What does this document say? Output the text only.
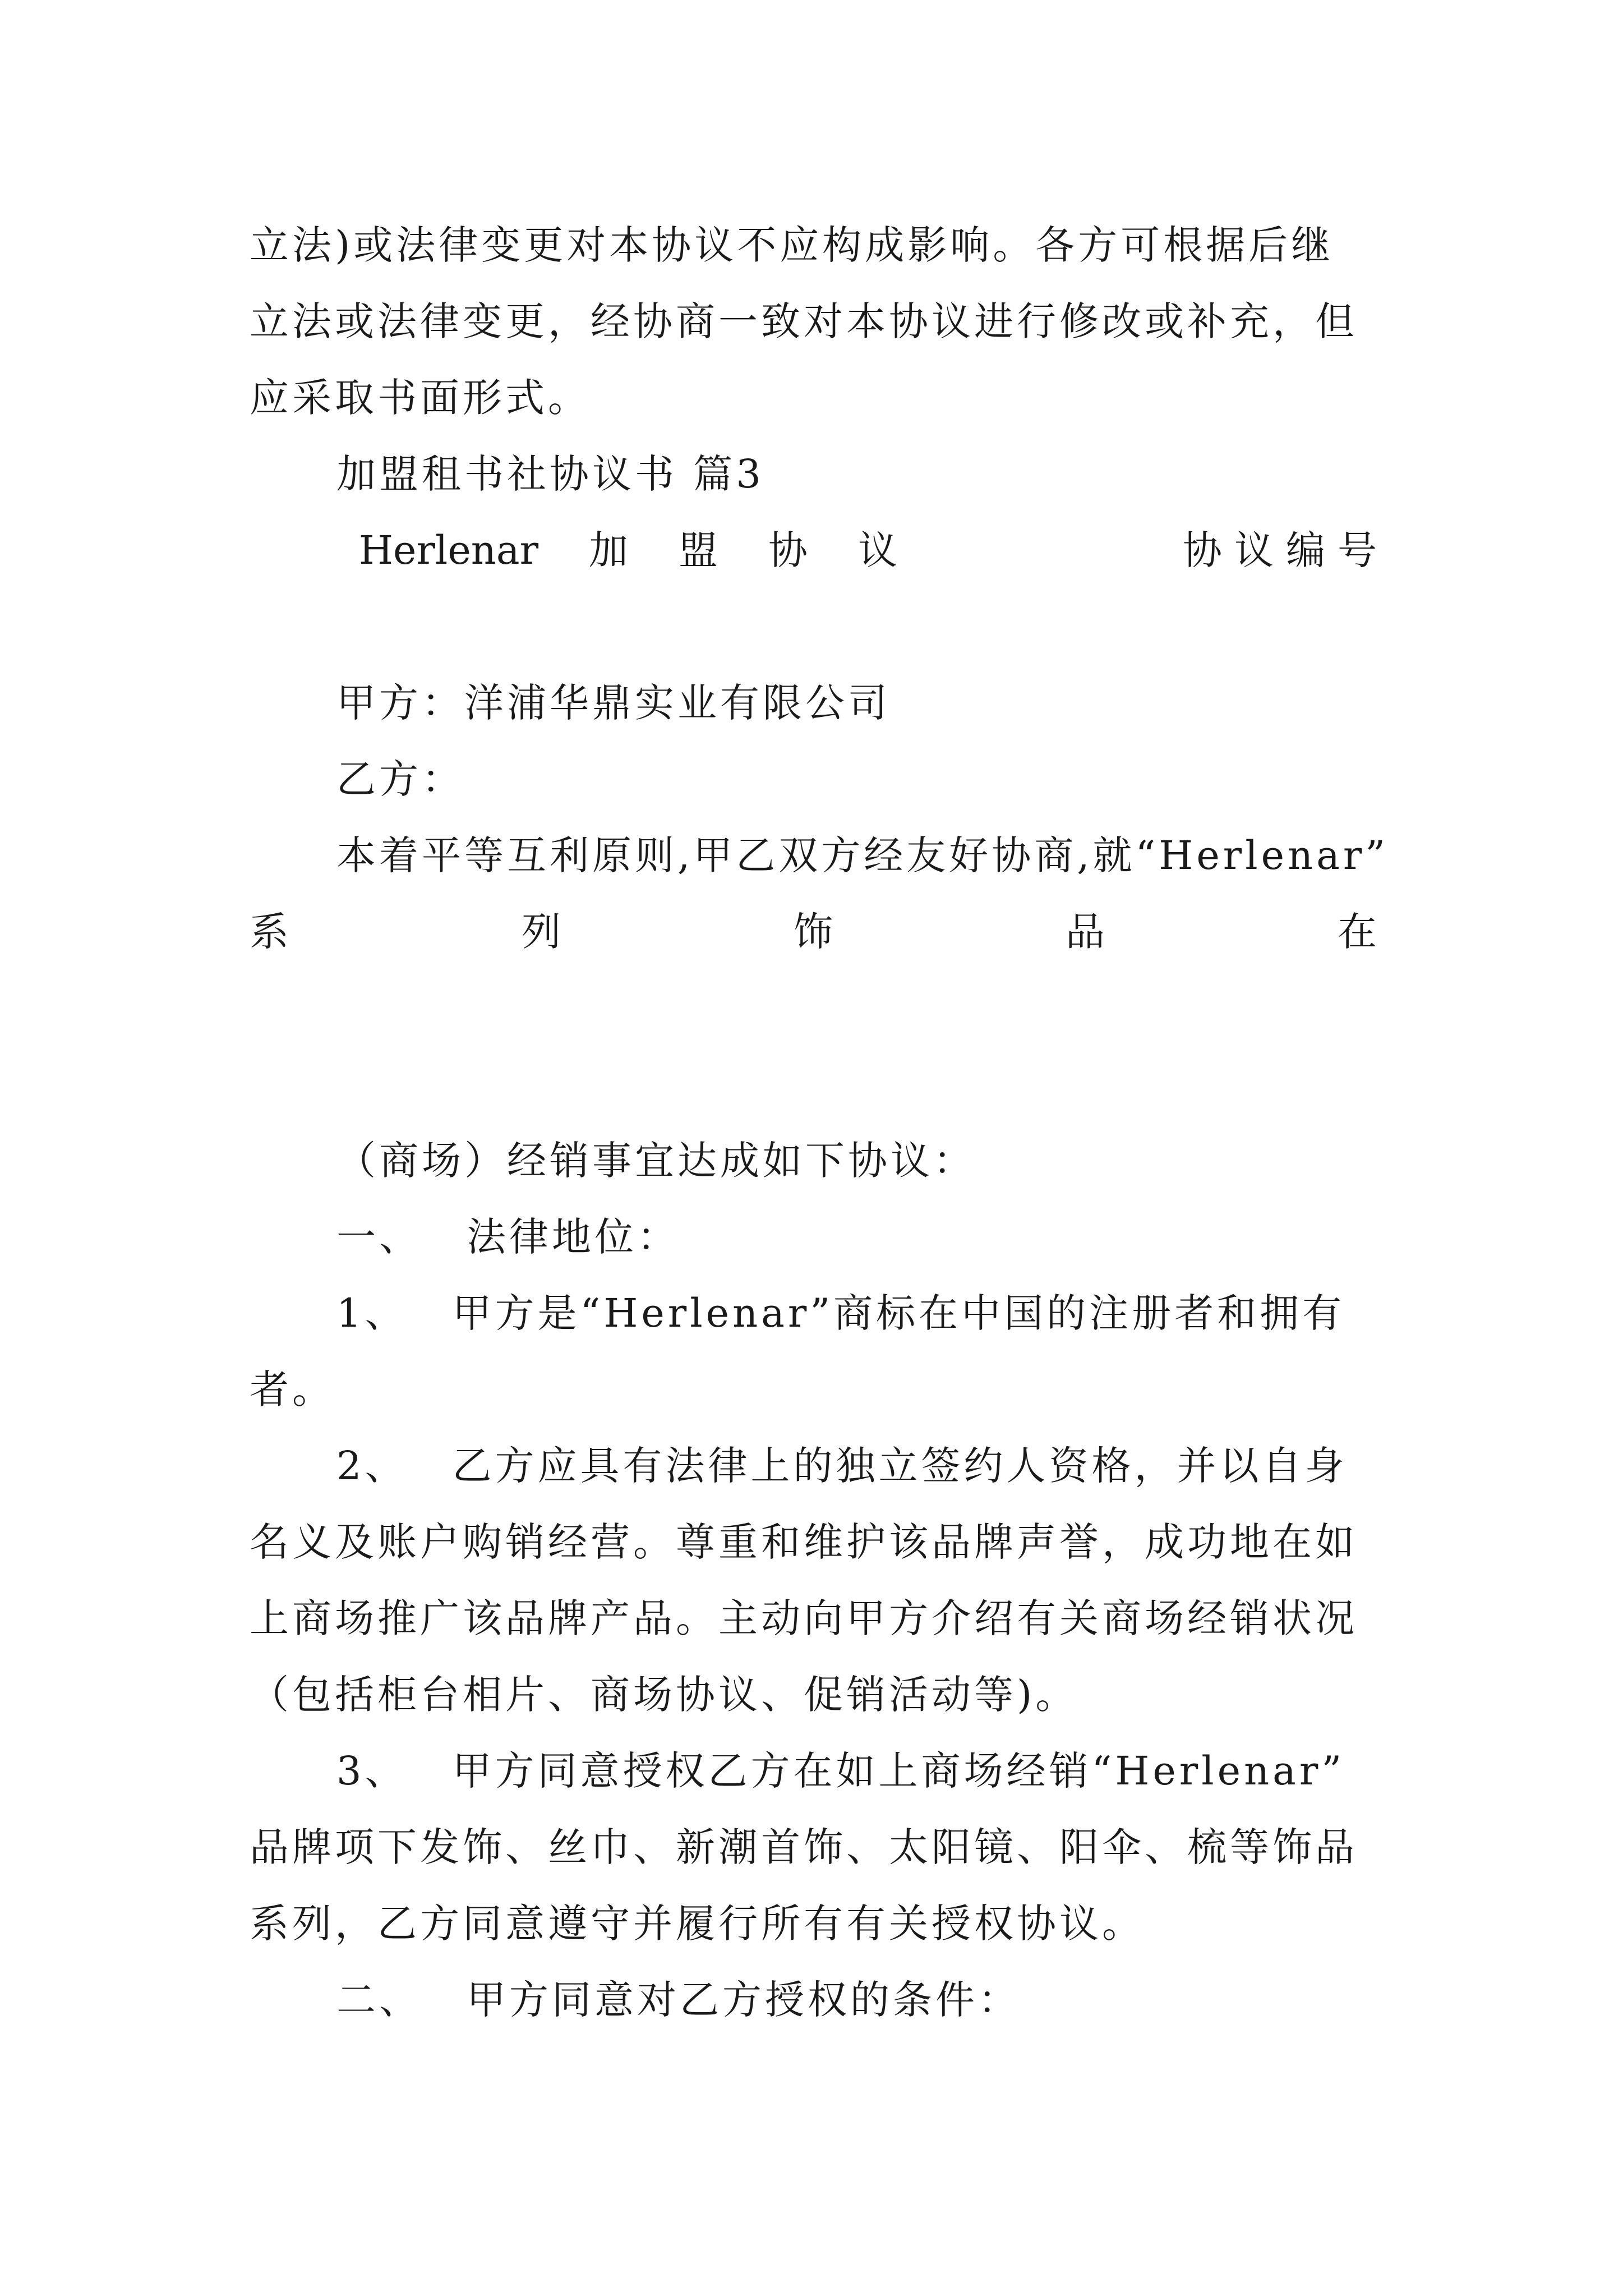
立法)或法律变更对本协议不应构成影响。各方可根据后继
立法或法律变更，经协商一致对本协议进行修改或补充，但
应采取书面形式。
加盟租书社协议书 篇3
Herlenar 加 盟 协 议	协议编号
甲方：洋浦华鼎实业有限公司
乙方：
本着平等互利原则,甲乙双方经友好协商,就“Herlenar”
系	列	饰	品	在
（商场）经销事宜达成如下协议：
一、 法律地位：
1、 甲方是“Herlenar”商标在中国的注册者和拥有
者。
2、 乙方应具有法律上的独立签约人资格，并以自身
名义及账户购销经营。尊重和维护该品牌声誉，成功地在如
上商场推广该品牌产品。主动向甲方介绍有关商场经销状况
（包括柜台相片、商场协议、促销活动等)。
3、 甲方同意授权乙方在如上商场经销“Herlenar”
品牌项下发饰、丝巾、新潮首饰、太阳镜、阳伞、梳等饰品
系列，乙方同意遵守并履行所有有关授权协议。
二、 甲方同意对乙方授权的条件：
